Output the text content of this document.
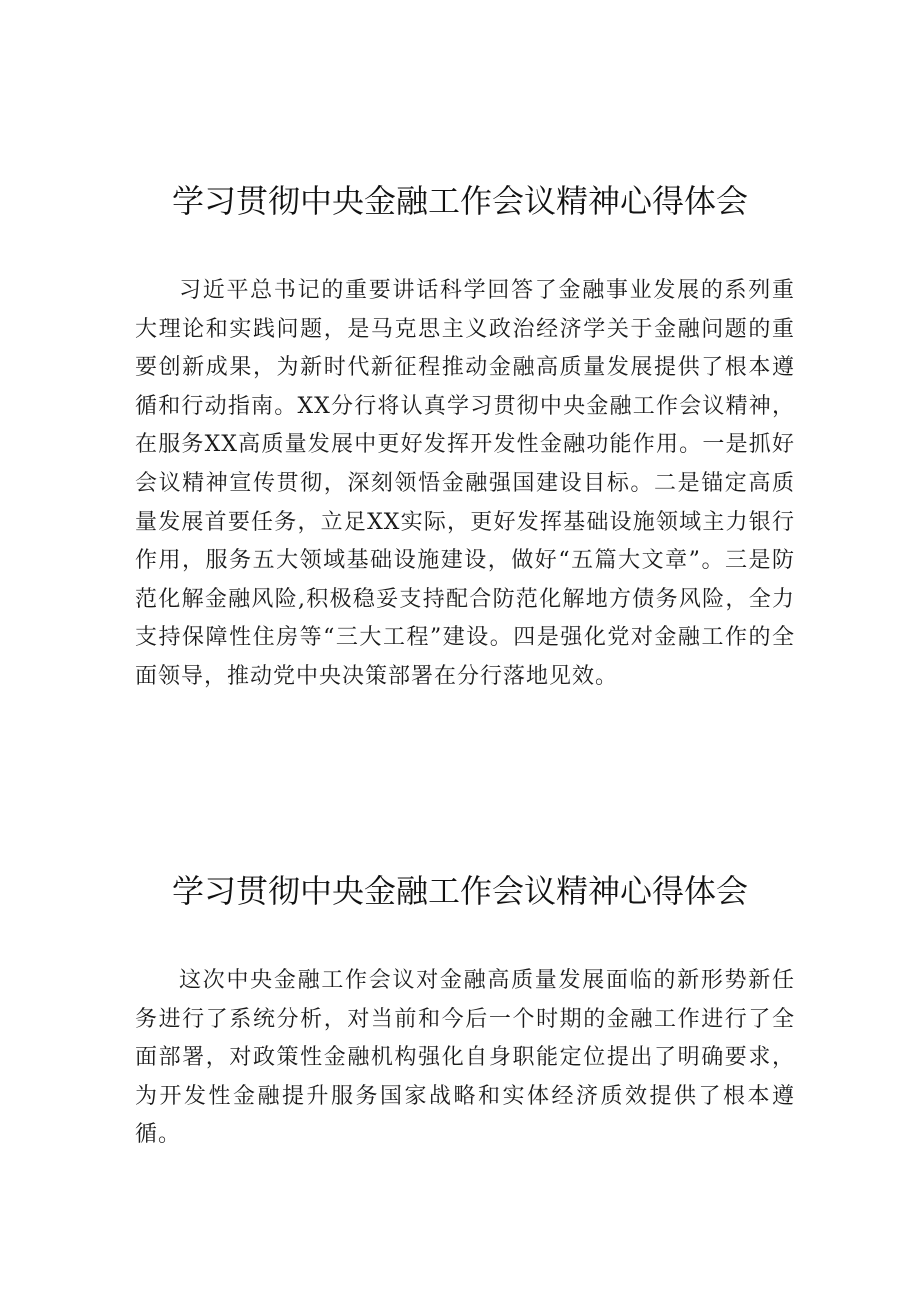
学习贯彻中央金融工作会议精神心得体会

习近平总书记的重要讲话科学回答了金融事业发展的系列重大理论和实践问题，是马克思主义政治经济学关于金融问题的重要创新成果，为新时代新征程推动金融高质量发展提供了根本遵循和行动指南。XX分行将认真学习贯彻中央金融工作会议精神，在服务XX高质量发展中更好发挥开发性金融功能作用。一是抓好会议精神宣传贯彻，深刻领悟金融强国建设目标。二是锚定高质量发展首要任务，立足XX实际，更好发挥基础设施领域主力银行作用，服务五大领域基础设施建设，做好“五篇大文章”。三是防范化解金融风险,积极稳妥支持配合防范化解地方债务风险，全力支持保障性住房等“三大工程”建设。四是强化党对金融工作的全面领导，推动党中央决策部署在分行落地见效。

学习贯彻中央金融工作会议精神心得体会

这次中央金融工作会议对金融高质量发展面临的新形势新任务进行了系统分析，对当前和今后一个时期的金融工作进行了全面部署，对政策性金融机构强化自身职能定位提出了明确要求，为开发性金融提升服务国家战略和实体经济质效提供了根本遵循。
